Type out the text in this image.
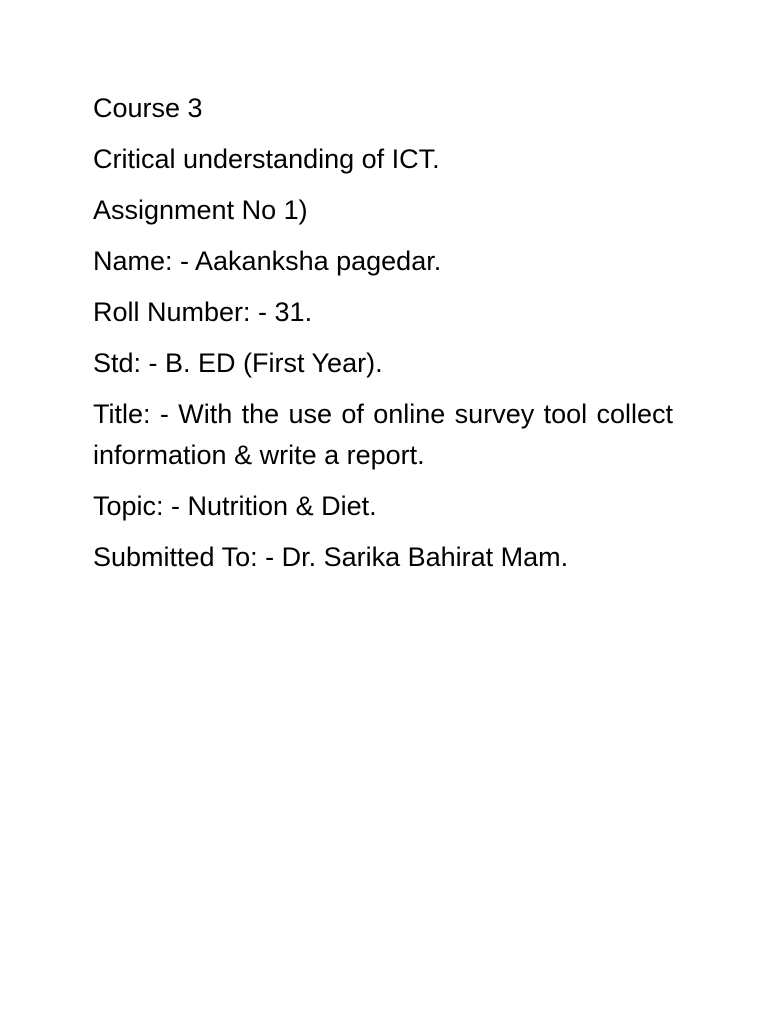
Course 3

Critical understanding of ICT.

Assignment No 1)

Name: - Aakanksha pagedar.

Roll Number: - 31.

Std: - B. ED (First Year).

Title: - With the use of online survey tool collect information & write a report.

Topic: - Nutrition & Diet.

Submitted To: - Dr. Sarika Bahirat Mam.
